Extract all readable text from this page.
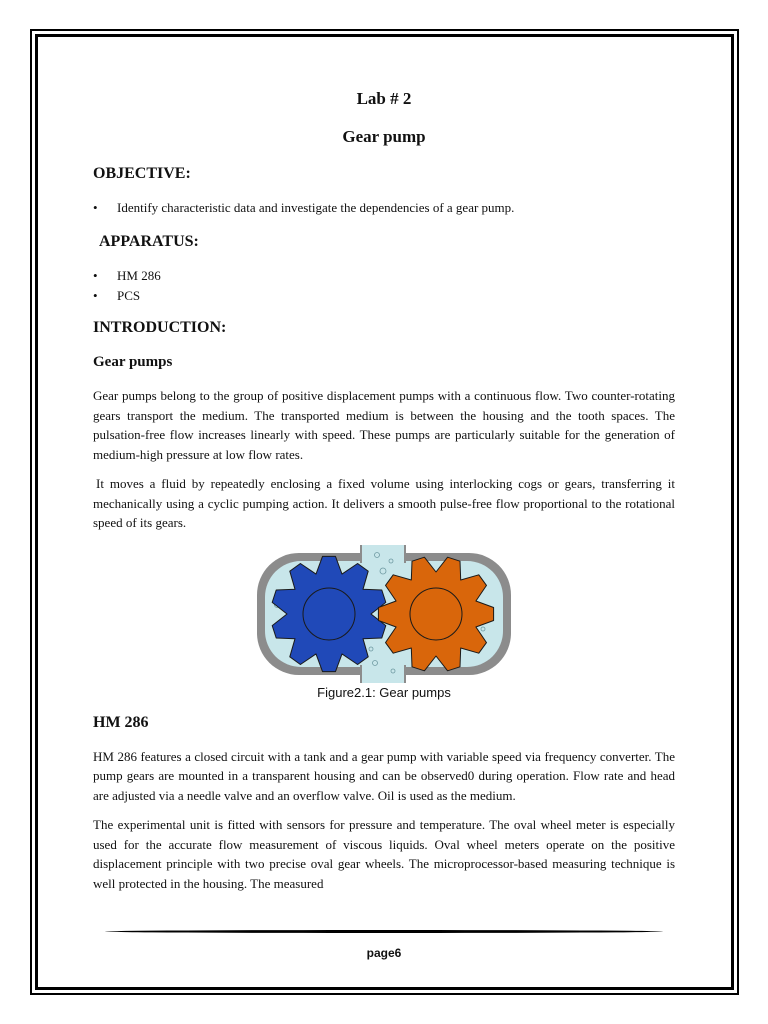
Lab # 2

Gear pump

OBJECTIVE:

• Identify characteristic data and investigate the dependencies of a gear pump.

APPARATUS:

• HM 286
• PCS

INTRODUCTION:

Gear pumps

Gear pumps belong to the group of positive displacement pumps with a continuous flow. Two counter-rotating gears transport the medium. The transported medium is between the housing and the tooth spaces. The pulsation-free flow increases linearly with speed. These pumps are particularly suitable for the generation of medium-high pressure at low flow rates.

It moves a fluid by repeatedly enclosing a fixed volume using interlocking cogs or gears, transferring it mechanically using a cyclic pumping action. It delivers a smooth pulse-free flow proportional to the rotational speed of its gears.

Figure2.1: Gear pumps

HM 286

HM 286 features a closed circuit with a tank and a gear pump with variable speed via frequency converter. The pump gears are mounted in a transparent housing and can be observed0 during operation. Flow rate and head are adjusted via a needle valve and an overflow valve. Oil is used as the medium.

The experimental unit is fitted with sensors for pressure and temperature. The oval wheel meter is especially used for the accurate flow measurement of viscous liquids. Oval wheel meters operate on the positive displacement principle with two precise oval gear wheels. The microprocessor-based measuring technique is well protected in the housing. The measured

page6
